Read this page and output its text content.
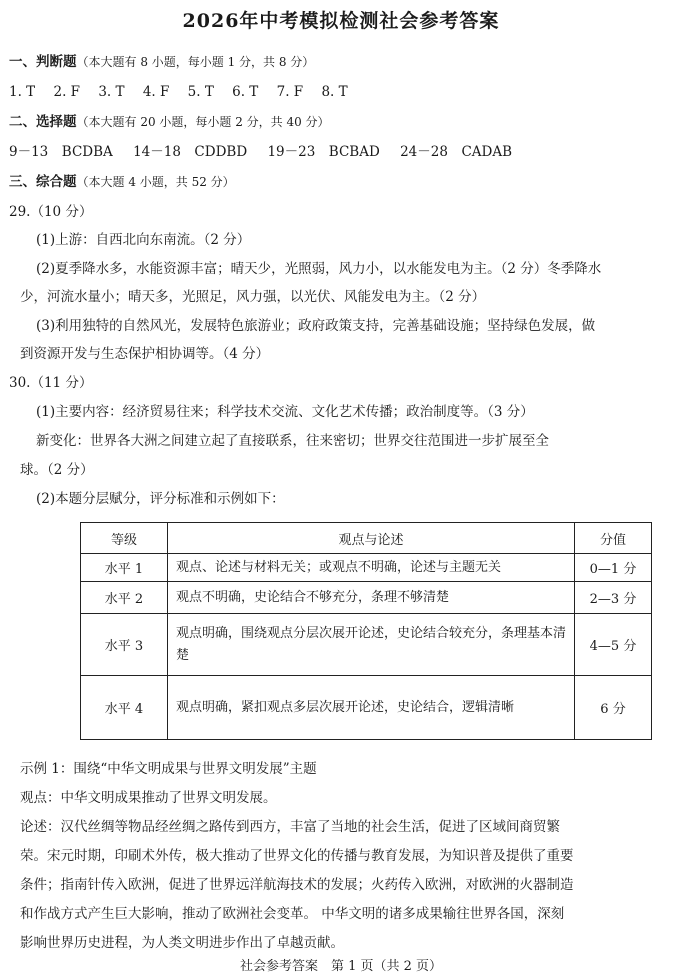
2026年中考模拟检测社会参考答案
一、判断题（本大题有 8 小题，每小题 1 分，共 8 分）
1. T 2. F 3. T 4. F 5. T 6. T 7. F 8. T
二、选择题（本大题有 20 小题，每小题 2 分，共 40 分）
9－13　BCDBA 14－18　CDDBD 19－23　BCBAD 24－28　CADAB
三、综合题（本大题 4 小题，共 52 分）
29.（10 分）
(1)上游：自西北向东南流。（2 分）
(2)夏季降水多，水能资源丰富；晴天少，光照弱，风力小，以水能发电为主。（2 分）冬季降水
少，河流水量小；晴天多，光照足，风力强，以光伏、风能发电为主。（2 分）
(3)利用独特的自然风光，发展特色旅游业；政府政策支持，完善基础设施；坚持绿色发展，做
到资源开发与生态保护相协调等。（4 分）
30.（11 分）
(1)主要内容：经济贸易往来；科学技术交流、文化艺术传播；政治制度等。（3 分）
新变化：世界各大洲之间建立起了直接联系，往来密切；世界交往范围进一步扩展至全
球。（2 分）
(2)本题分层赋分，评分标准和示例如下：
等级	观点与论述	分值
水平 1	观点、论述与材料无关；或观点不明确，论述与主题无关	0—1 分
水平 2	观点不明确，史论结合不够充分，条理不够清楚	2—3 分
水平 3	观点明确，围绕观点分层次展开论述，史论结合较充分，条理基本清楚	4—5 分
水平 4	观点明确，紧扣观点多层次展开论述，史论结合，逻辑清晰	6 分
示例 1：围绕“中华文明成果与世界文明发展”主题
观点：中华文明成果推动了世界文明发展。
论述：汉代丝绸等物品经丝绸之路传到西方，丰富了当地的社会生活，促进了区域间商贸繁
荣。宋元时期，印刷术外传，极大推动了世界文化的传播与教育发展，为知识普及提供了重要
条件；指南针传入欧洲，促进了世界远洋航海技术的发展；火药传入欧洲，对欧洲的火器制造
和作战方式产生巨大影响，推动了欧洲社会变革。 中华文明的诸多成果输往世界各国，深刻
影响世界历史进程，为人类文明进步作出了卓越贡献。
社会参考答案　第 1 页（共 2 页）
